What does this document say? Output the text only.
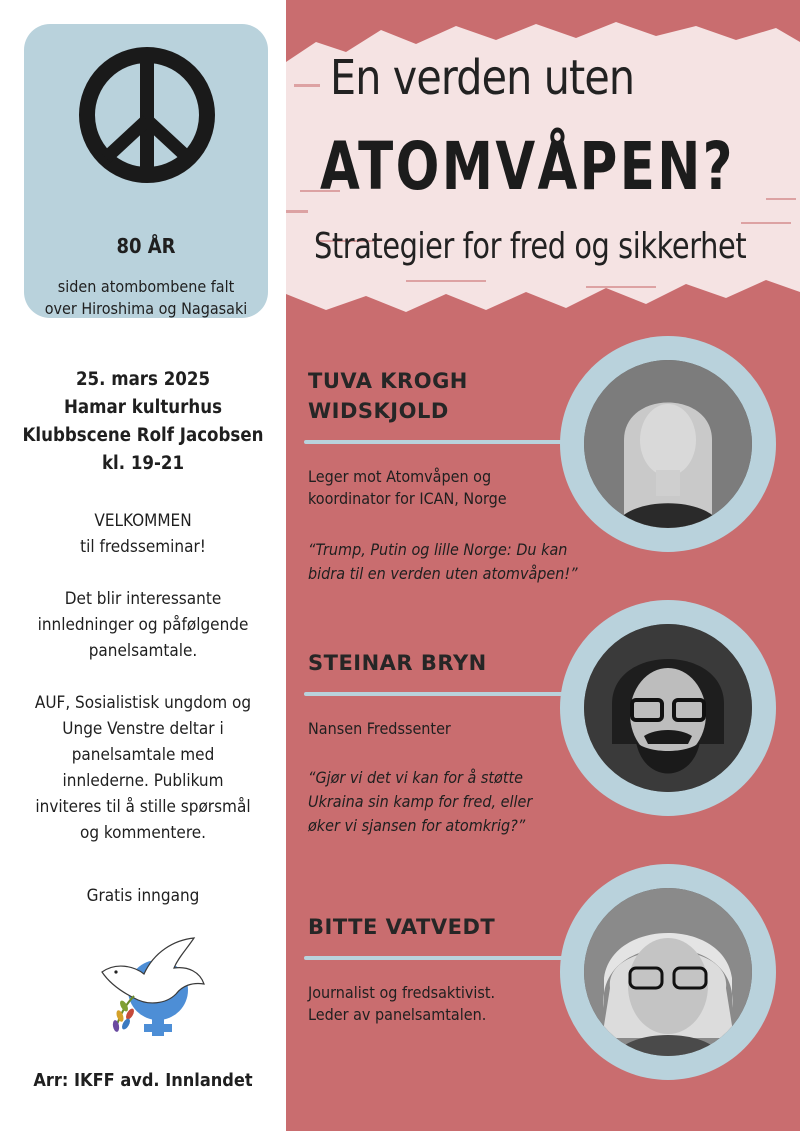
En verden uten
ATOMVÅPEN?
Strategier for fred og sikkerhet
80 ÅR
siden atombombene falt
over Hiroshima og Nagasaki
25. mars 2025
Hamar kulturhus
Klubbscene Rolf Jacobsen
kl. 19-21
VELKOMMEN
til fredsseminar!
Det blir interessante
innledninger og påfølgende
panelsamtale.
AUF, Sosialistisk ungdom og
Unge Venstre deltar i
panelsamtale med
innlederne. Publikum
inviteres til å stille spørsmål
og kommentere.
Gratis inngang
Arr: IKFF avd. Innlandet
TUVA KROGH
WIDSKJOLD
Leger mot Atomvåpen og
koordinator for ICAN, Norge
“Trump, Putin og lille Norge: Du kan
bidra til en verden uten atomvåpen!”
STEINAR BRYN
Nansen Fredssenter
“Gjør vi det vi kan for å støtte
Ukraina sin kamp for fred, eller
øker vi sjansen for atomkrig?”
BITTE VATVEDT
Journalist og fredsaktivist.
Leder av panelsamtalen.
